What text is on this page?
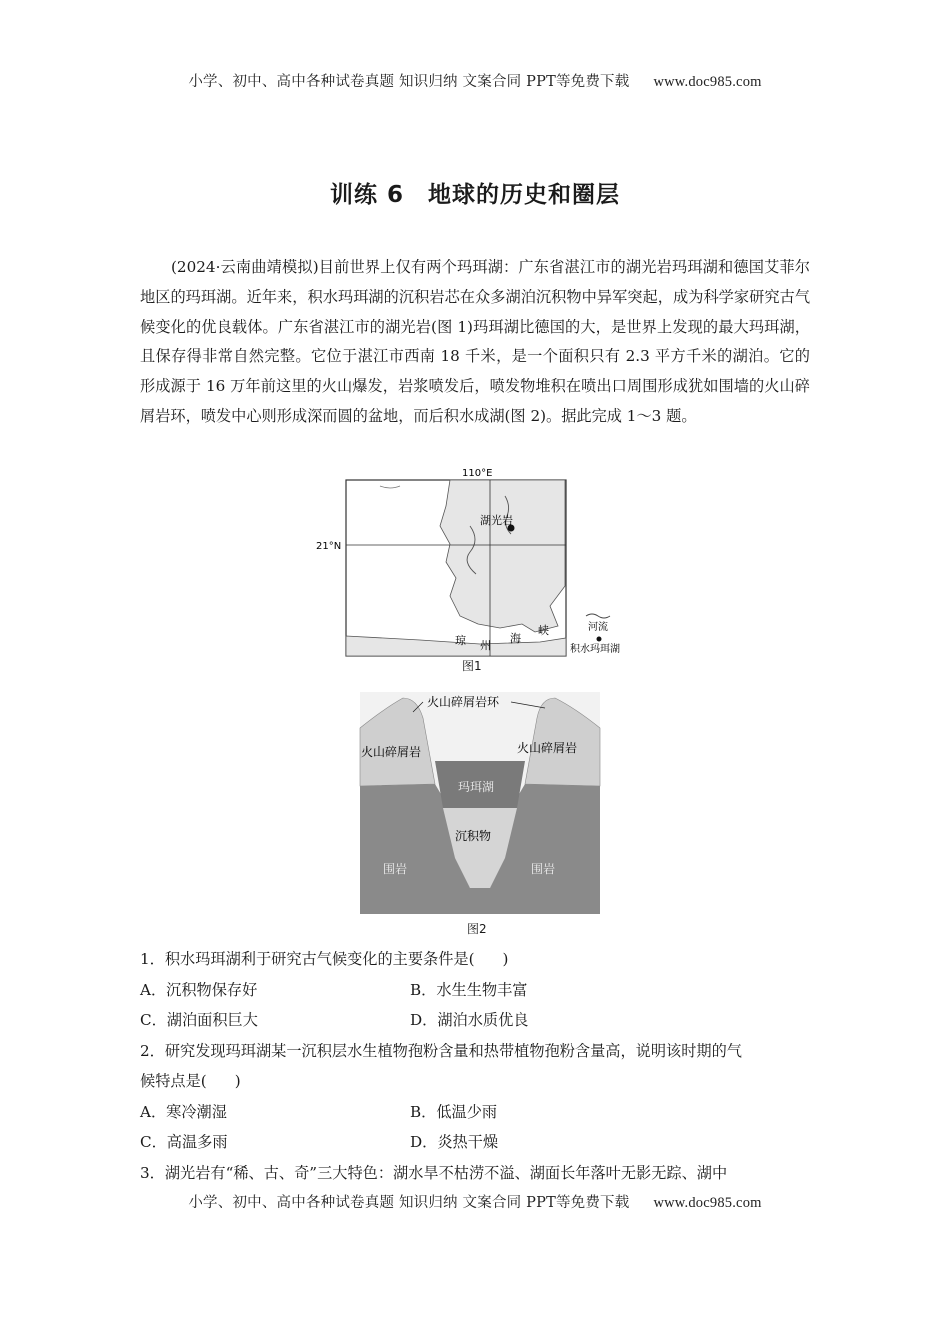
小学、初中、高中各种试卷真题 知识归纳 文案合同 PPT等免费下载 www.doc985.com
训练 6　地球的历史和圈层

(2024·云南曲靖模拟)目前世界上仅有两个玛珥湖：广东省湛江市的湖光岩玛珥湖和德国艾菲尔地区的玛珥湖。近年来，积水玛珥湖的沉积岩芯在众多湖泊沉积物中异军突起，成为科学家研究古气候变化的优良载体。广东省湛江市的湖光岩(图 1)玛珥湖比德国的大，是世界上发现的最大玛珥湖，且保存得非常自然完整。它位于湛江市西南 18 千米，是一个面积只有 2.3 平方千米的湖泊。它的形成源于 16 万年前这里的火山爆发，岩浆喷发后，喷发物堆积在喷出口周围形成犹如围墙的火山碎屑岩环，喷发中心则形成深而圆的盆地，而后积水成湖(图 2)。据此完成 1～3 题。

110°E
21°N
湖光岩
琼 州
海
峡	河流
积水玛珥湖
图1
火山碎屑岩环
火山碎屑岩	火山碎屑岩
玛珥湖
沉积物
围岩	围岩
图2

1．积水玛珥湖利于研究古气候变化的主要条件是( )

A．沉积物保存好	B．水生生物丰富
C．湖泊面积巨大	D．湖泊水质优良

2．研究发现玛珥湖某一沉积层水生植物孢粉含量和热带植物孢粉含量高，说明该时期的气

候特点是( )

A．寒冷潮湿	B．低温少雨
C．高温多雨	D．炎热干燥

3．湖光岩有“稀、古、奇”三大特色：湖水旱不枯涝不溢、湖面长年落叶无影无踪、湖中

小学、初中、高中各种试卷真题 知识归纳 文案合同 PPT等免费下载 www.doc985.com
